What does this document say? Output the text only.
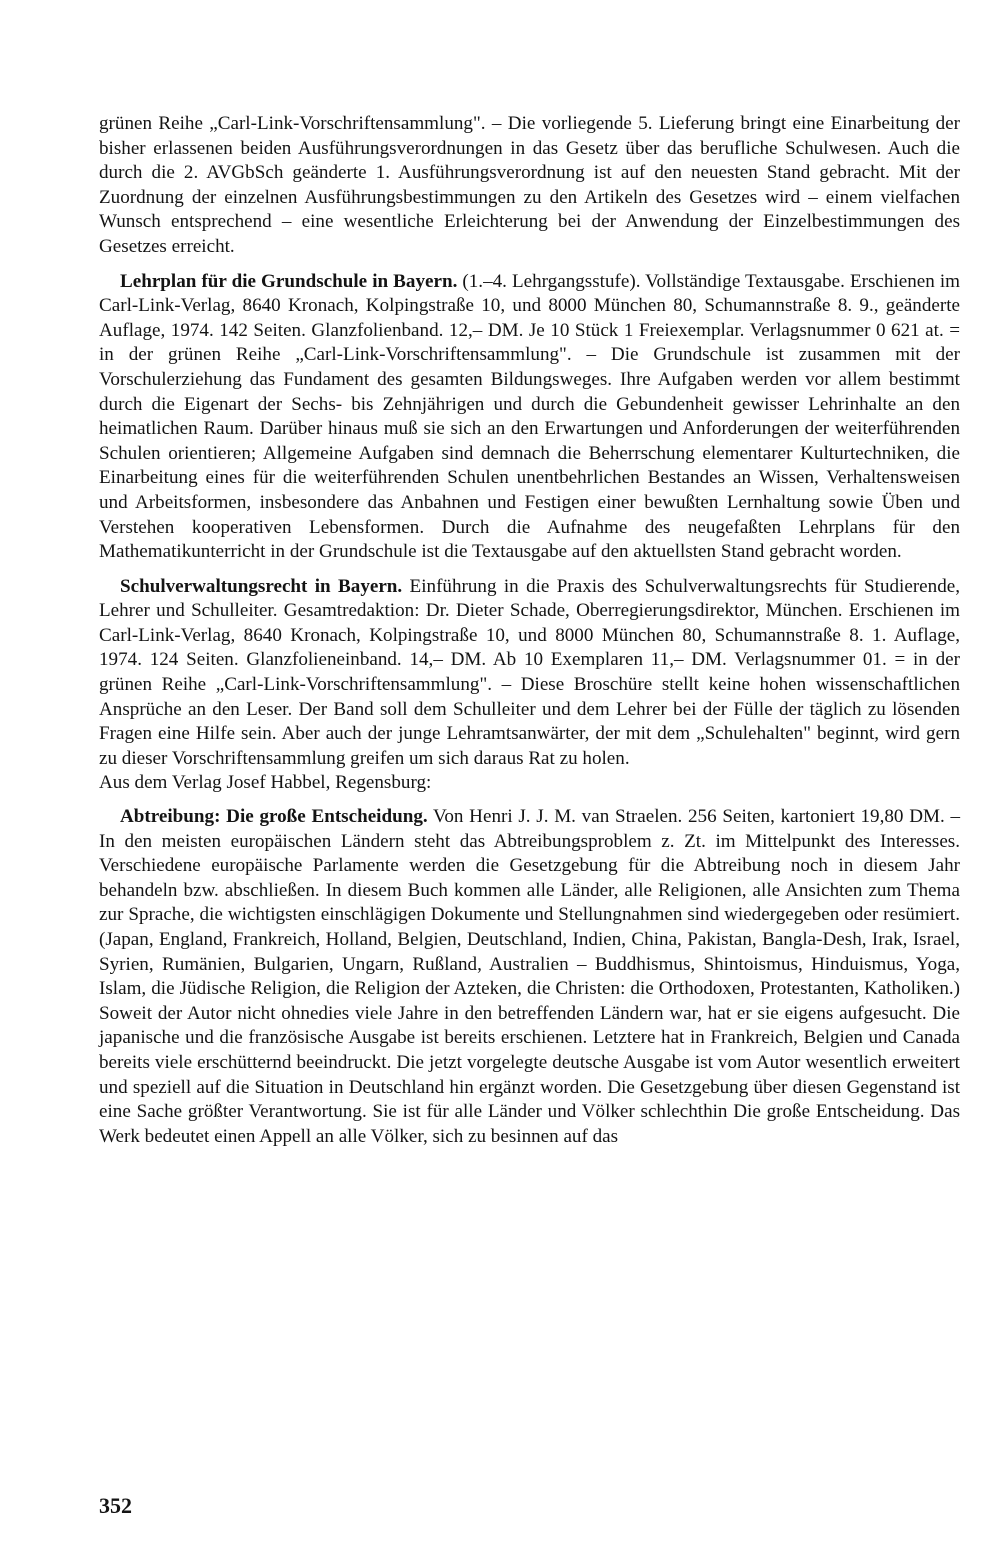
grünen Reihe „Carl-Link-Vorschriftensammlung". – Die vorliegende 5. Lieferung bringt eine Einarbeitung der bisher erlassenen beiden Ausführungsverordnungen in das Gesetz über das berufliche Schulwesen. Auch die durch die 2. AVGbSch geänderte 1. Ausführungsverordnung ist auf den neuesten Stand gebracht. Mit der Zuordnung der einzelnen Ausführungsbestimmungen zu den Artikeln des Gesetzes wird – einem vielfachen Wunsch entsprechend – eine wesentliche Erleichterung bei der Anwendung der Einzelbestimmungen des Gesetzes erreicht.

Lehrplan für die Grundschule in Bayern. (1.–4. Lehrgangsstufe). Vollständige Textausgabe. Erschienen im Carl-Link-Verlag, 8640 Kronach, Kolpingstraße 10, und 8000 München 80, Schumannstraße 8. 9., geänderte Auflage, 1974. 142 Seiten. Glanzfolienband. 12,– DM. Je 10 Stück 1 Freiexemplar. Verlagsnummer 0 621 at. = in der grünen Reihe „Carl-Link-Vorschriftensammlung". – Die Grundschule ist zusammen mit der Vorschulerziehung das Fundament des gesamten Bildungsweges. Ihre Aufgaben werden vor allem bestimmt durch die Eigenart der Sechs- bis Zehnjährigen und durch die Gebundenheit gewisser Lehrinhalte an den heimatlichen Raum. Darüber hinaus muß sie sich an den Erwartungen und Anforderungen der weiterführenden Schulen orientieren; Allgemeine Aufgaben sind demnach die Beherrschung elementarer Kulturtechniken, die Einarbeitung eines für die weiterführenden Schulen unentbehrlichen Bestandes an Wissen, Verhaltensweisen und Arbeitsformen, insbesondere das Anbahnen und Festigen einer bewußten Lernhaltung sowie Üben und Verstehen kooperativen Lebensformen. Durch die Aufnahme des neugefaßten Lehrplans für den Mathematikunterricht in der Grundschule ist die Textausgabe auf den aktuellsten Stand gebracht worden.

Schulverwaltungsrecht in Bayern. Einführung in die Praxis des Schulverwaltungsrechts für Studierende, Lehrer und Schulleiter. Gesamtredaktion: Dr. Dieter Schade, Oberregierungsdirektor, München. Erschienen im Carl-Link-Verlag, 8640 Kronach, Kolpingstraße 10, und 8000 München 80, Schumannstraße 8. 1. Auflage, 1974. 124 Seiten. Glanzfolieneinband. 14,– DM. Ab 10 Exemplaren 11,– DM. Verlagsnummer 01. = in der grünen Reihe „Carl-Link-Vorschriftensammlung". – Diese Broschüre stellt keine hohen wissenschaftlichen Ansprüche an den Leser. Der Band soll dem Schulleiter und dem Lehrer bei der Fülle der täglich zu lösenden Fragen eine Hilfe sein. Aber auch der junge Lehramtsanwärter, der mit dem „Schulehalten" beginnt, wird gern zu dieser Vorschriftensammlung greifen um sich daraus Rat zu holen.

Aus dem Verlag Josef Habbel, Regensburg:

Abtreibung: Die große Entscheidung. Von Henri J. J. M. van Straelen. 256 Seiten, kartoniert 19,80 DM. – In den meisten europäischen Ländern steht das Abtreibungsproblem z. Zt. im Mittelpunkt des Interesses. Verschiedene europäische Parlamente werden die Gesetzgebung für die Abtreibung noch in diesem Jahr behandeln bzw. abschließen. In diesem Buch kommen alle Länder, alle Religionen, alle Ansichten zum Thema zur Sprache, die wichtigsten einschlägigen Dokumente und Stellungnahmen sind wiedergegeben oder resümiert. (Japan, England, Frankreich, Holland, Belgien, Deutschland, Indien, China, Pakistan, Bangla-Desh, Irak, Israel, Syrien, Rumänien, Bulgarien, Ungarn, Rußland, Australien – Buddhismus, Shintoismus, Hinduismus, Yoga, Islam, die Jüdische Religion, die Religion der Azteken, die Christen: die Orthodoxen, Protestanten, Katholiken.) Soweit der Autor nicht ohnedies viele Jahre in den betreffenden Ländern war, hat er sie eigens aufgesucht. Die japanische und die französische Ausgabe ist bereits erschienen. Letztere hat in Frankreich, Belgien und Canada bereits viele erschütternd beeindruckt. Die jetzt vorgelegte deutsche Ausgabe ist vom Autor wesentlich erweitert und speziell auf die Situation in Deutschland hin ergänzt worden. Die Gesetzgebung über diesen Gegenstand ist eine Sache größter Verantwortung. Sie ist für alle Länder und Völker schlechthin Die große Entscheidung. Das Werk bedeutet einen Appell an alle Völker, sich zu besinnen auf das

352
